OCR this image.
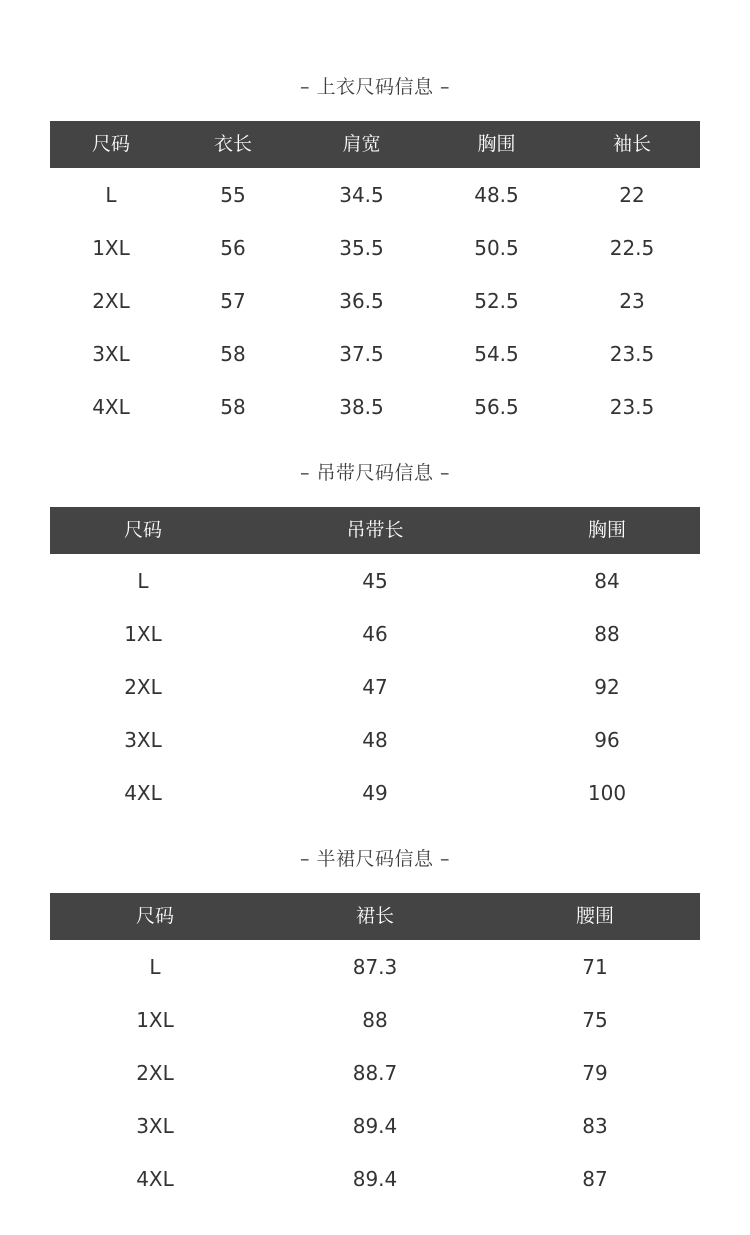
– 上衣尺码信息 –
尺码	衣长	肩宽	胸围	袖长
L	55	34.5	48.5	22
1XL	56	35.5	50.5	22.5
2XL	57	36.5	52.5	23
3XL	58	37.5	54.5	23.5
4XL	58	38.5	56.5	23.5
– 吊带尺码信息 –
尺码	吊带长	胸围
L	45	84
1XL	46	88
2XL	47	92
3XL	48	96
4XL	49	100
– 半裙尺码信息 –
尺码	裙长	腰围
L	87.3	71
1XL	88	75
2XL	88.7	79
3XL	89.4	83
4XL	89.4	87
